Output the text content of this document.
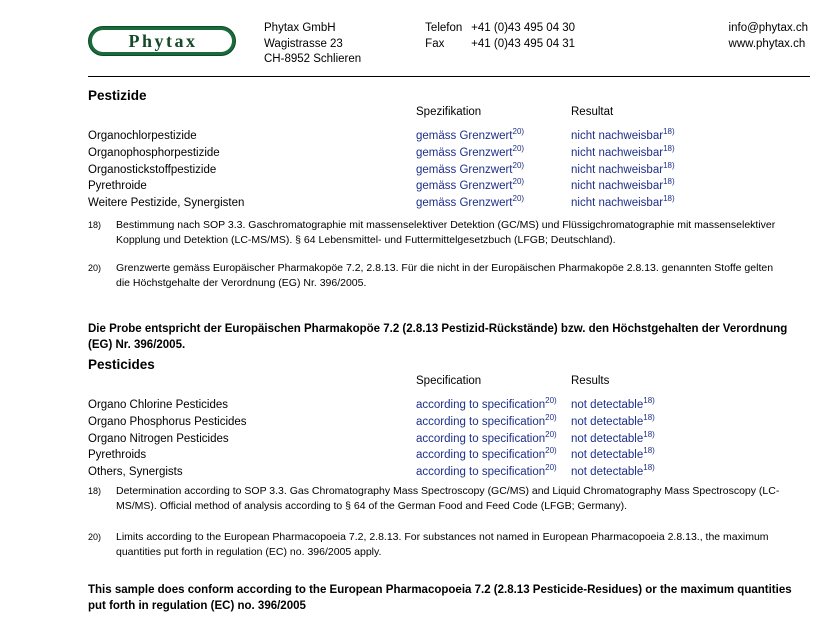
Phytax
Phytax GmbH
Wagistrasse 23
CH-8952 Schlieren
Telefon +41 (0)43 495 04 30
Fax	+41 (0)43 495 04 31
info@phytax.ch
www.phytax.ch
Pestizide
	Spezifikation	Resultat
Organochlorpestizide	gemäss Grenzwert$^{20)}$	nicht nachweisbar$^{18)}$
Organophosphorpestizide	gemäss Grenzwert$^{20)}$	nicht nachweisbar$^{18)}$
Organostickstoffpestizide	gemäss Grenzwert$^{20)}$	nicht nachweisbar$^{18)}$
Pyrethroide	gemäss Grenzwert$^{20)}$	nicht nachweisbar$^{18)}$
Weitere Pestizide, Synergisten	gemäss Grenzwert$^{20)}$	nicht nachweisbar$^{18)}$
18)	Bestimmung nach SOP 3.3. Gaschromatographie mit massenselektiver Detektion (GC/MS) und Flüssigchromatographie mit massenselektiver Kopplung und Detektion (LC-MS/MS). § 64 Lebensmittel- und Futtermittelgesetzbuch (LFGB; Deutschland).
20)	Grenzwerte gemäss Europäischer Pharmakopöe 7.2, 2.8.13. Für die nicht in der Europäischen Pharmakopöe 2.8.13. genannten Stoffe gelten die Höchstgehalte der Verordnung (EG) Nr. 396/2005.
Die Probe entspricht der Europäischen Pharmakopöe 7.2 (2.8.13 Pestizid-Rückstände) bzw. den Höchstgehalten der Verordnung (EG) Nr. 396/2005.
Pesticides
	Specification	Results
Organo Chlorine Pesticides	according to specification$^{20)}$	not detectable$^{18)}$
Organo Phosphorus Pesticides	according to specification$^{20)}$	not detectable$^{18)}$
Organo Nitrogen Pesticides	according to specification$^{20)}$	not detectable$^{18)}$
Pyrethroids	according to specification$^{20)}$	not detectable$^{18)}$
Others, Synergists	according to specification$^{20)}$	not detectable$^{18)}$
18)	Determination according to SOP 3.3. Gas Chromatography Mass Spectroscopy (GC/MS) and Liquid Chromatography Mass Spectroscopy (LC-MS/MS). Official method of analysis according to § 64 of the German Food and Feed Code (LFGB; Germany).
20)	Limits according to the European Pharmacopoeia 7.2, 2.8.13. For substances not named in European Pharmacopoeia 2.8.13., the maximum quantities put forth in regulation (EC) no. 396/2005 apply.
This sample does conform according to the European Pharmacopoeia 7.2 (2.8.13 Pesticide-Residues) or the maximum quantities put forth in regulation (EC) no. 396/2005
